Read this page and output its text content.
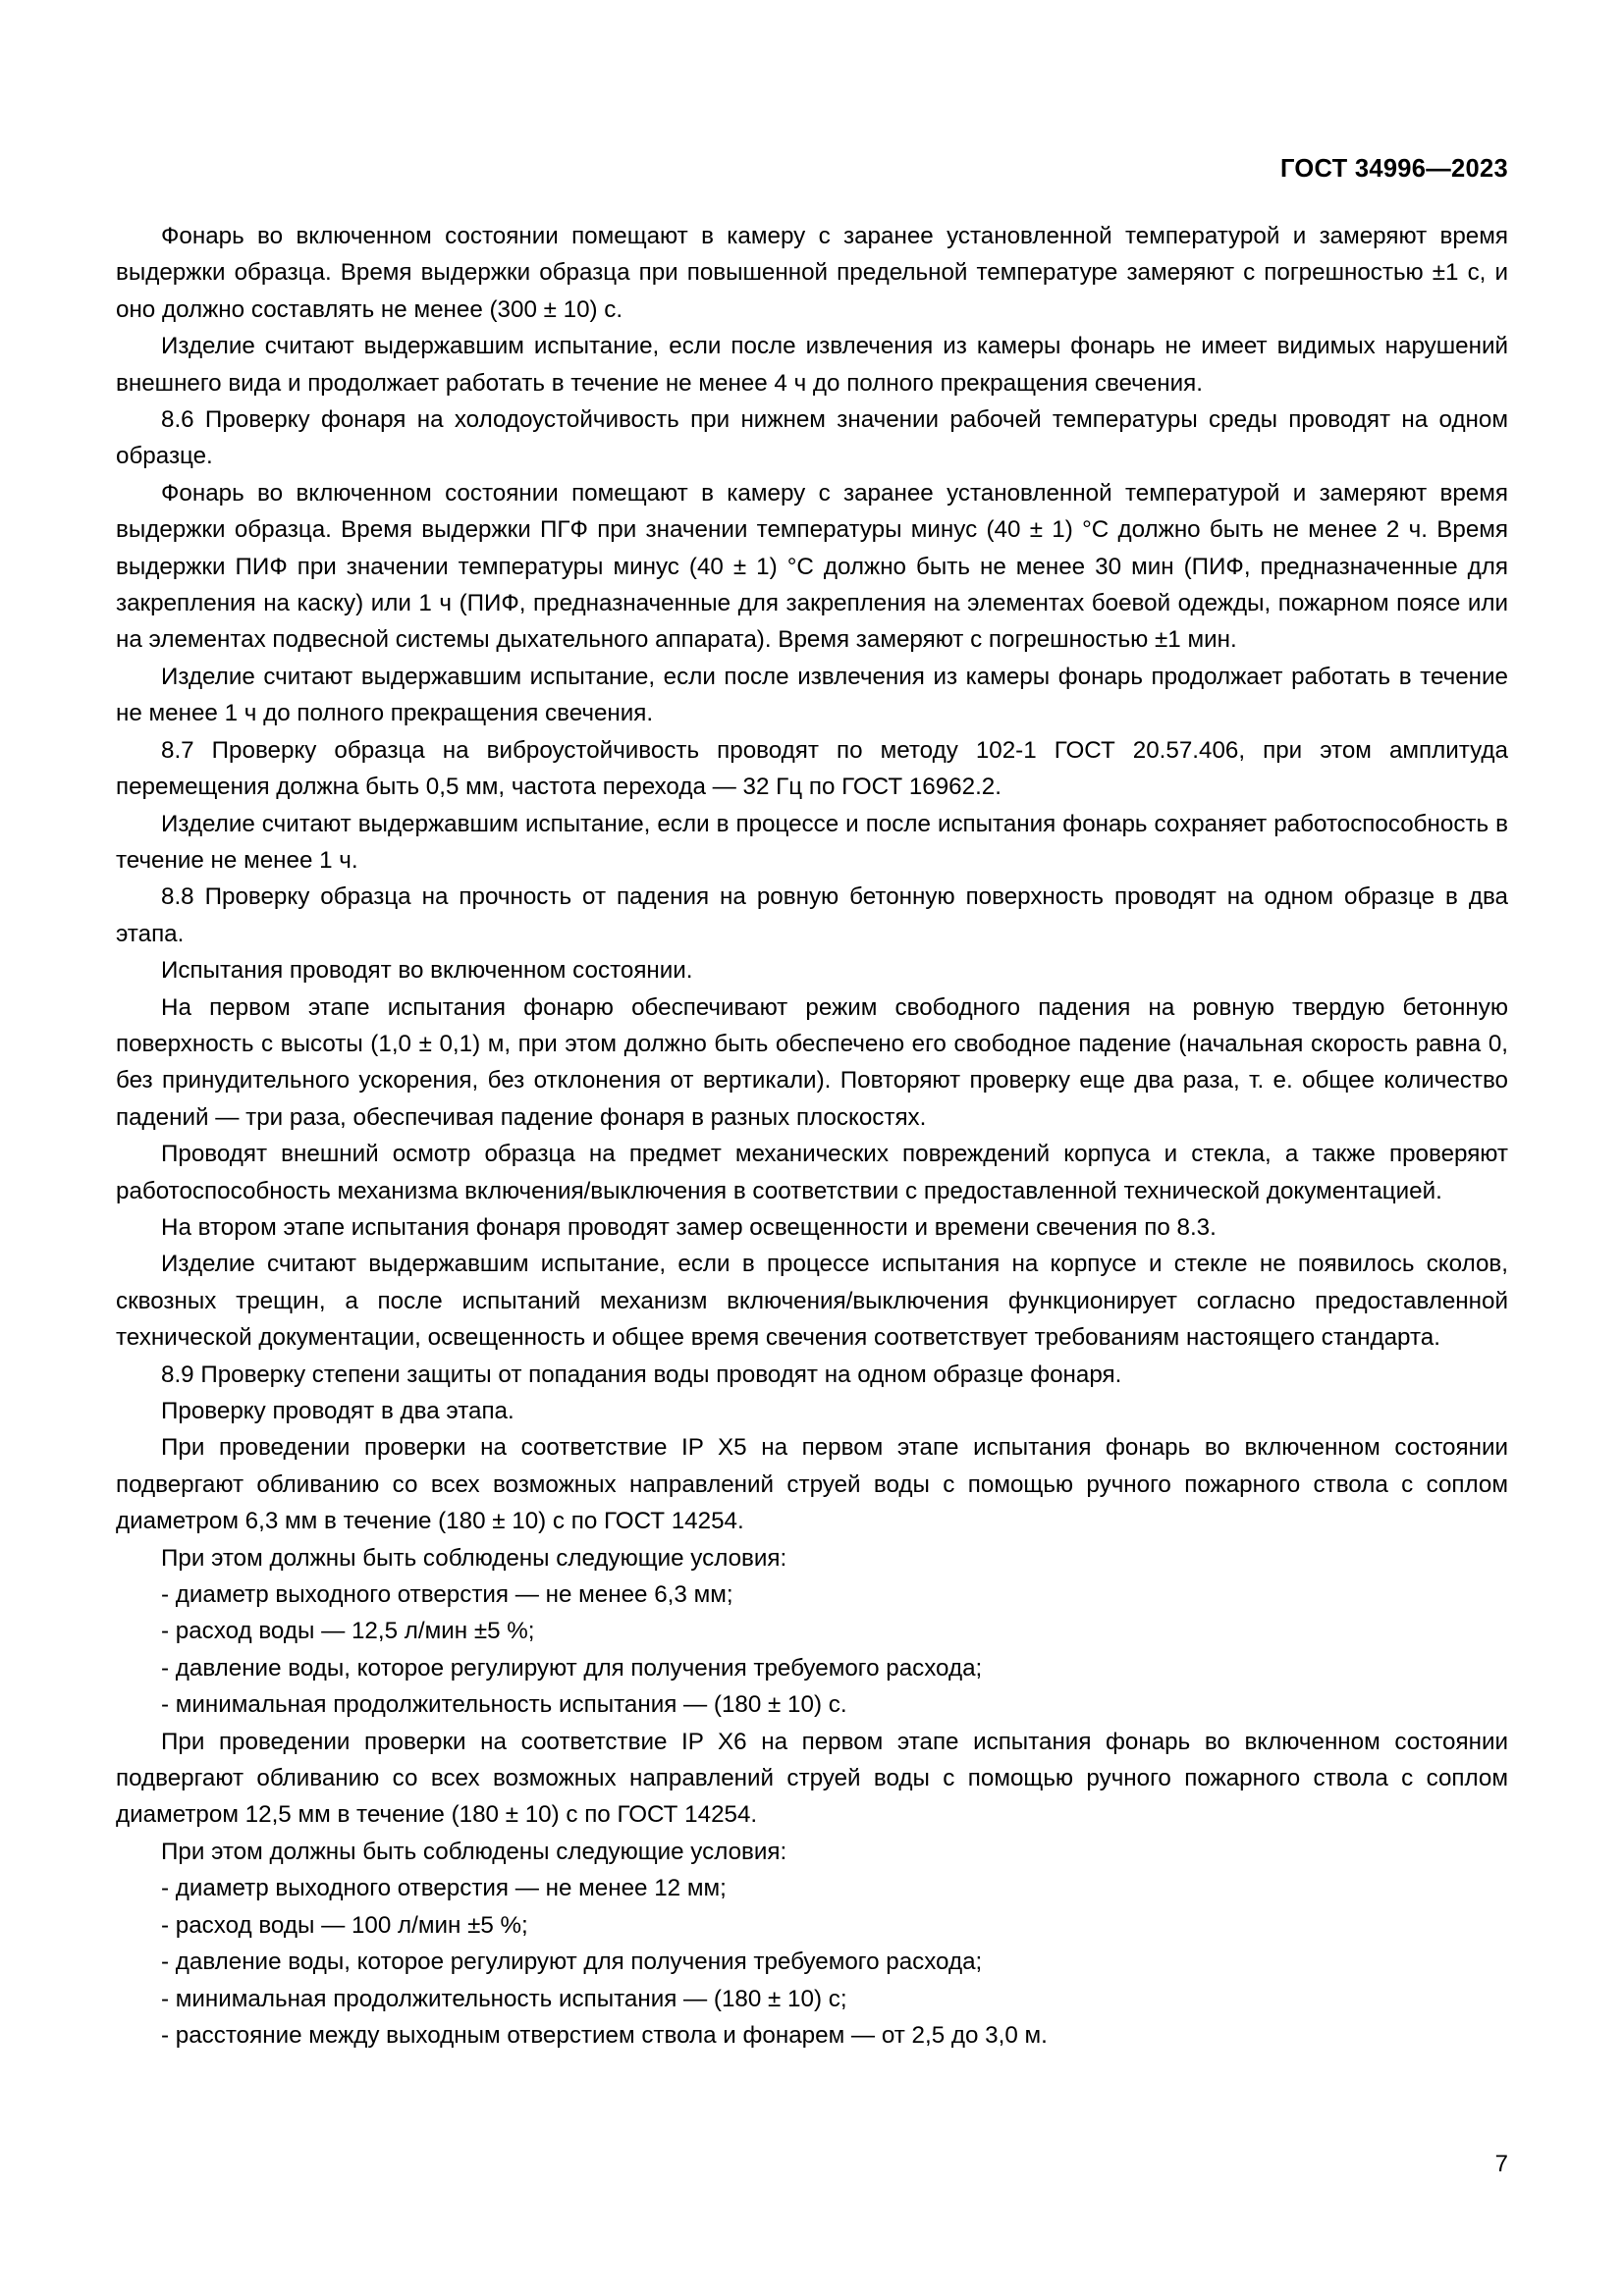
ГОСТ 34996—2023

Фонарь во включенном состоянии помещают в камеру с заранее установленной температурой и замеряют время выдержки образца. Время выдержки образца при повышенной предельной температуре замеряют с погрешностью ±1 с, и оно должно составлять не менее (300 ± 10) с.

Изделие считают выдержавшим испытание, если после извлечения из камеры фонарь не имеет видимых нарушений внешнего вида и продолжает работать в течение не менее 4 ч до полного прекращения свечения.

8.6 Проверку фонаря на холодоустойчивость при нижнем значении рабочей температуры среды проводят на одном образце.

Фонарь во включенном состоянии помещают в камеру с заранее установленной температурой и замеряют время выдержки образца. Время выдержки ПГФ при значении температуры минус (40 ± 1) °С должно быть не менее 2 ч. Время выдержки ПИФ при значении температуры минус (40 ± 1) °С должно быть не менее 30 мин (ПИФ, предназначенные для закрепления на каску) или 1 ч (ПИФ, предназначенные для закрепления на элементах боевой одежды, пожарном поясе или на элементах подвесной системы дыхательного аппарата). Время замеряют с погрешностью ±1 мин.

Изделие считают выдержавшим испытание, если после извлечения из камеры фонарь продолжает работать в течение не менее 1 ч до полного прекращения свечения.

8.7 Проверку образца на виброустойчивость проводят по методу 102-1 ГОСТ 20.57.406, при этом амплитуда перемещения должна быть 0,5 мм, частота перехода — 32 Гц по ГОСТ 16962.2.

Изделие считают выдержавшим испытание, если в процессе и после испытания фонарь сохраняет работоспособность в течение не менее 1 ч.

8.8 Проверку образца на прочность от падения на ровную бетонную поверхность проводят на одном образце в два этапа.

Испытания проводят во включенном состоянии.

На первом этапе испытания фонарю обеспечивают режим свободного падения на ровную твердую бетонную поверхность с высоты (1,0 ± 0,1) м, при этом должно быть обеспечено его свободное падение (начальная скорость равна 0, без принудительного ускорения, без отклонения от вертикали). Повторяют проверку еще два раза, т. е. общее количество падений — три раза, обеспечивая падение фонаря в разных плоскостях.

Проводят внешний осмотр образца на предмет механических повреждений корпуса и стекла, а также проверяют работоспособность механизма включения/выключения в соответствии с предоставленной технической документацией.

На втором этапе испытания фонаря проводят замер освещенности и времени свечения по 8.3.

Изделие считают выдержавшим испытание, если в процессе испытания на корпусе и стекле не появилось сколов, сквозных трещин, а после испытаний механизм включения/выключения функционирует согласно предоставленной технической документации, освещенность и общее время свечения соответствует требованиям настоящего стандарта.

8.9 Проверку степени защиты от попадания воды проводят на одном образце фонаря.

Проверку проводят в два этапа.

При проведении проверки на соответствие IP Х5 на первом этапе испытания фонарь во включенном состоянии подвергают обливанию со всех возможных направлений струей воды с помощью ручного пожарного ствола с соплом диаметром 6,3 мм в течение (180 ± 10) с по ГОСТ 14254.

При этом должны быть соблюдены следующие условия:

- диаметр выходного отверстия — не менее 6,3 мм;

- расход воды — 12,5 л/мин ±5 %;

- давление воды, которое регулируют для получения требуемого расхода;

- минимальная продолжительность испытания — (180 ± 10) с.

При проведении проверки на соответствие IP Х6 на первом этапе испытания фонарь во включенном состоянии подвергают обливанию со всех возможных направлений струей воды с помощью ручного пожарного ствола с соплом диаметром 12,5 мм в течение (180 ± 10) с по ГОСТ 14254.

При этом должны быть соблюдены следующие условия:

- диаметр выходного отверстия — не менее 12 мм;

- расход воды — 100 л/мин ±5 %;

- давление воды, которое регулируют для получения требуемого расхода;

- минимальная продолжительность испытания — (180 ± 10) с;

- расстояние между выходным отверстием ствола и фонарем — от 2,5 до 3,0 м.

7
